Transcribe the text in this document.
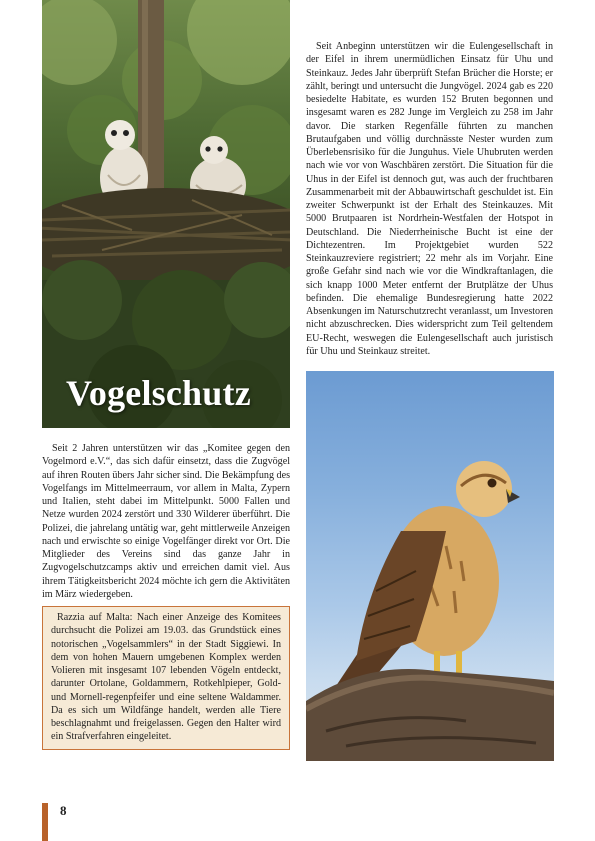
Vogelschutz

Seit Anbeginn unterstützen wir die Eulengesellschaft in der Eifel in ihrem unermüdlichen Einsatz für Uhu und Steinkauz. Jedes Jahr überprüft Stefan Brücher die Horste; er zählt, beringt und untersucht die Jungvögel. 2024 gab es 220 besiedelte Habitate, es wurden 152 Bruten begonnen und insgesamt waren es 282 Junge im Vergleich zu 258 im Jahr davor. Die starken Regenfälle führten zu manchen Brutaufgaben und völlig durchnässte Nester wurden zum Überlebensrisiko für die Junguhus. Viele Uhubruten werden nach wie vor von Waschbären zerstört. Die Situation für die Uhus in der Eifel ist dennoch gut, was auch der fruchtbaren Zusammenarbeit mit der Abbauwirtschaft geschuldet ist. Ein zweiter Schwerpunkt ist der Erhalt des Steinkauzes. Mit 5000 Brutpaaren ist Nordrhein-Westfalen der Hotspot in Deutschland. Die Niederrheinische Bucht ist eine der Dichtezentren. Im Projektgebiet wurden 522 Steinkauzreviere registriert; 22 mehr als im Vorjahr. Eine große Gefahr sind nach wie vor die Windkraftanlagen, die sich knapp 1000 Meter entfernt der Brutplätze der Uhus befinden. Die ehemalige Bundesregierung hatte 2022 Absenkungen im Naturschutzrecht veranlasst, um Investoren nicht abzuschrecken. Dies widerspricht zum Teil geltendem EU-Recht, weswegen die Eulengesellschaft auch juristisch für Uhu und Steinkauz streitet.

Seit 2 Jahren unterstützen wir das „Komitee gegen den Vogelmord e.V.“, das sich dafür einsetzt, dass die Zugvögel auf ihren Routen übers Jahr sicher sind. Die Bekämpfung des Vogelfangs im Mittelmeerraum, vor allem in Malta, Zypern und Italien, steht dabei im Mittelpunkt. 5000 Fallen und Netze wurden 2024 zerstört und 330 Wilderer überführt. Die Polizei, die jahrelang untätig war, geht mittlerweile Anzeigen nach und erwischte so einige Vogelfänger direkt vor Ort. Die Mitglieder des Vereins sind das ganze Jahr in Zugvogelschutzcamps aktiv und erreichen damit viel. Aus ihrem Tätigkeitsbericht 2024 möchte ich gern die Aktivitäten im März wiedergeben.

Razzia auf Malta: Nach einer Anzeige des Komitees durchsucht die Polizei am 19.03. das Grundstück eines notorischen „Vogelsammlers“ in der Stadt Siggiewi. In dem von hohen Mauern umgebenen Komplex werden Volieren mit insgesamt 107 lebenden Vögeln entdeckt, darunter Ortolane, Goldammern, Rotkehlpieper, Gold- und Mornell-regenpfeifer und eine seltene Waldammer. Da es sich um Wildfänge handelt, werden alle Tiere beschlagnahmt und freigelassen. Gegen den Halter wird ein Strafverfahren eingeleitet.

8
